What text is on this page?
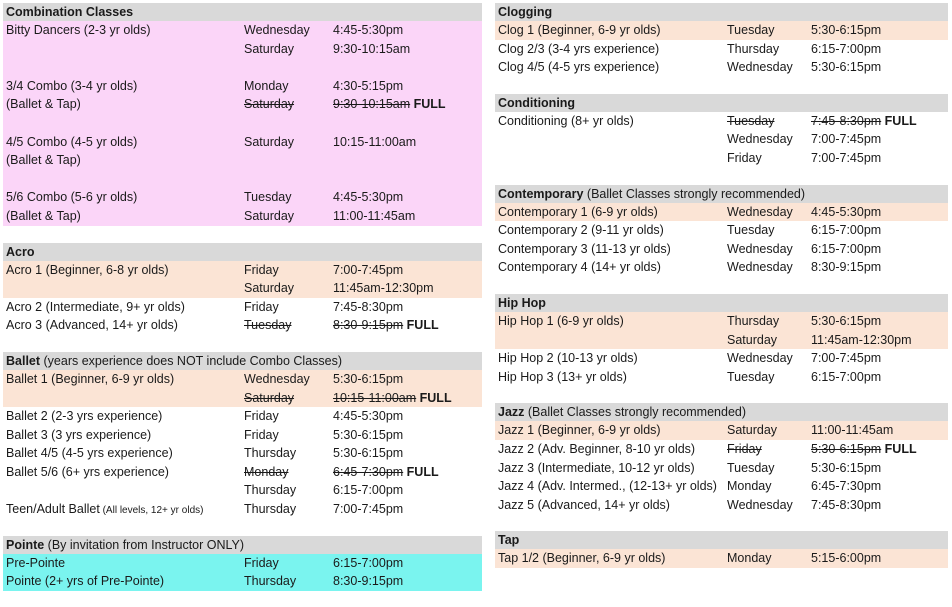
Combination Classes
Bitty Dancers (2-3 yr olds)	Wednesday 4:45-5:30pm
Saturday	9:30-10:15am
3/4 Combo (3-4 yr olds)	Monday	4:30-5:15pm
(Ballet & Tap)	Saturday	9:30-10:15am FULL
4/5 Combo (4-5 yr olds)	Saturday	10:15-11:00am
(Ballet & Tap)
5/6 Combo (5-6 yr olds)	Tuesday	4:45-5:30pm
(Ballet & Tap)	Saturday	11:00-11:45am
Acro
Acro 1 (Beginner, 6-8 yr olds)	Friday	7:00-7:45pm
Saturday	11:45am-12:30pm
Acro 2 (Intermediate, 9+ yr olds)	Friday	7:45-8:30pm
Acro 3 (Advanced, 14+ yr olds)	Tuesday	8:30-9:15pm FULL
Ballet (years experience does NOT include Combo Classes)
Ballet 1 (Beginner, 6-9 yr olds)	Wednesday 5:30-6:15pm
Saturday	10:15-11:00am FULL
Ballet 2 (2-3 yrs experience)	Friday	4:45-5:30pm
Ballet 3 (3 yrs experience)	Friday	5:30-6:15pm
Ballet 4/5 (4-5 yrs experience)	Thursday	5:30-6:15pm
Ballet 5/6 (6+ yrs experience)	Monday	6:45-7:30pm FULL
Thursday	6:15-7:00pm
Teen/Adult Ballet (All levels, 12+ yr olds)	Thursday	7:00-7:45pm
Pointe (By invitation from Instructor ONLY)
Pre-Pointe	Friday	6:15-7:00pm
Pointe (2+ yrs of Pre-Pointe)	Thursday	8:30-9:15pm
Clogging
Clog 1 (Beginner, 6-9 yr olds)	Tuesday	5:30-6:15pm
Clog 2/3 (3-4 yrs experience)	Thursday	6:15-7:00pm
Clog 4/5 (4-5 yrs experience)	Wednesday 5:30-6:15pm
Conditioning
Conditioning (8+ yr olds)	Tuesday	7:45-8:30pm FULL
Wednesday 7:00-7:45pm
Friday	7:00-7:45pm
Contemporary (Ballet Classes strongly recommended)
Contemporary 1 (6-9 yr olds)	Wednesday 4:45-5:30pm
Contemporary 2 (9-11 yr olds)	Tuesday	6:15-7:00pm
Contemporary 3 (11-13 yr olds)	Wednesday 6:15-7:00pm
Contemporary 4 (14+ yr olds)	Wednesday 8:30-9:15pm
Hip Hop
Hip Hop 1 (6-9 yr olds)	Thursday	5:30-6:15pm
Saturday	11:45am-12:30pm
Hip Hop 2 (10-13 yr olds)	Wednesday 7:00-7:45pm
Hip Hop 3 (13+ yr olds)	Tuesday	6:15-7:00pm
Jazz (Ballet Classes strongly recommended)
Jazz 1 (Beginner, 6-9 yr olds)	Saturday	11:00-11:45am
Jazz 2 (Adv. Beginner, 8-10 yr olds)	Friday	5:30-6:15pm FULL
Jazz 3 (Intermediate, 10-12 yr olds)	Tuesday	5:30-6:15pm
Jazz 4 (Adv. Intermed., (12-13+ yr olds) Monday	6:45-7:30pm
Jazz 5 (Advanced, 14+ yr olds)	Wednesday 7:45-8:30pm
Tap
Tap 1/2 (Beginner, 6-9 yr olds)	Monday	5:15-6:00pm
